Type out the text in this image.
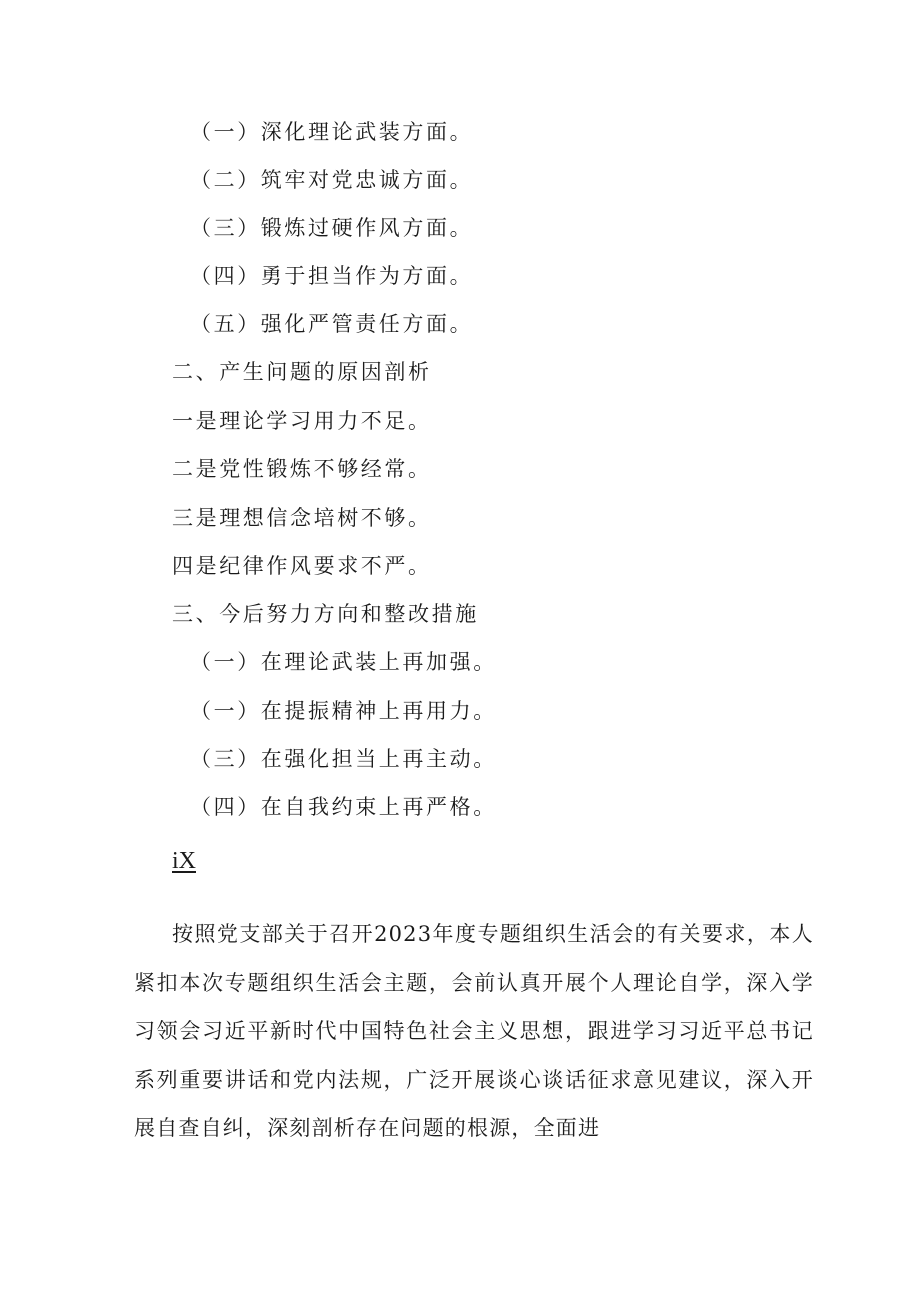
（一）深化理论武装方面。
（二）筑牢对党忠诚方面。
（三）锻炼过硬作风方面。
（四）勇于担当作为方面。
（五）强化严管责任方面。
二、产生问题的原因剖析
一是理论学习用力不足。
二是党性锻炼不够经常。
三是理想信念培树不够。
四是纪律作风要求不严。
三、今后努力方向和整改措施
（一）在理论武装上再加强。
（一）在提振精神上再用力。
（三）在强化担当上再主动。
（四）在自我约束上再严格。
iX
按照党支部关于召开2023年度专题组织生活会的有关要求，本人紧扣本次专题组织生活会主题，会前认真开展个人理论自学，深入学习领会习近平新时代中国特色社会主义思想，跟进学习习近平总书记系列重要讲话和党内法规，广泛开展谈心谈话征求意见建议，深入开展自查自纠，深刻剖析存在问题的根源，全面进
